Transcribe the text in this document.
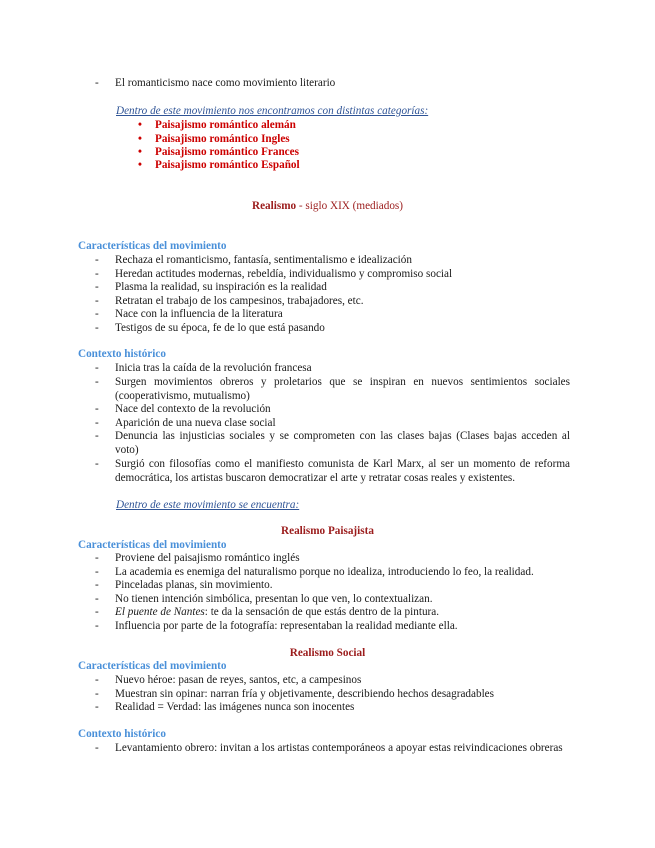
- El romanticismo nace como movimiento literario
Dentro de este movimiento nos encontramos con distintas categorías:
• Paisajismo romántico alemán
• Paisajismo romántico Ingles
• Paisajismo romántico Frances
• Paisajismo romántico Español
Realismo - siglo XIX (mediados)
Características del movimiento
- Rechaza el romanticismo, fantasía, sentimentalismo e idealización
- Heredan actitudes modernas, rebeldía, individualismo y compromiso social
- Plasma la realidad, su inspiración es la realidad
- Retratan el trabajo de los campesinos, trabajadores, etc.
- Nace con la influencia de la literatura
- Testigos de su época, fe de lo que está pasando
Contexto histórico
- Inicia tras la caída de la revolución francesa
- Surgen movimientos obreros y proletarios que se inspiran en nuevos sentimientos sociales (cooperativismo, mutualismo)
- Nace del contexto de la revolución
- Aparición de una nueva clase social
- Denuncia las injusticias sociales y se comprometen con las clases bajas (Clases bajas acceden al voto)
- Surgió con filosofías como el manifiesto comunista de Karl Marx, al ser un momento de reforma democrática, los artistas buscaron democratizar el arte y retratar cosas reales y existentes.
Dentro de este movimiento se encuentra:
Realismo Paisajista
Características del movimiento
- Proviene del paisajismo romántico inglés
- La academia es enemiga del naturalismo porque no idealiza, introduciendo lo feo, la realidad.
- Pinceladas planas, sin movimiento.
- No tienen intención simbólica, presentan lo que ven, lo contextualizan.
- El puente de Nantes: te da la sensación de que estás dentro de la pintura.
- Influencia por parte de la fotografía: representaban la realidad mediante ella.
Realismo Social
Características del movimiento
- Nuevo héroe: pasan de reyes, santos, etc, a campesinos
- Muestran sin opinar: narran fría y objetivamente, describiendo hechos desagradables
- Realidad = Verdad: las imágenes nunca son inocentes
Contexto histórico
- Levantamiento obrero: invitan a los artistas contemporáneos a apoyar estas reivindicaciones obreras
